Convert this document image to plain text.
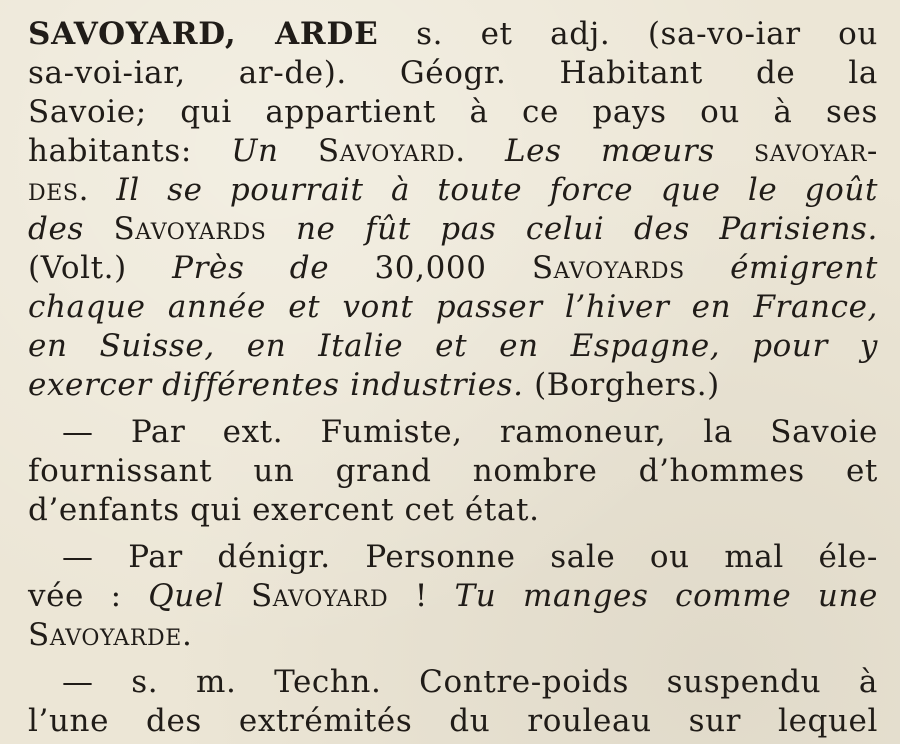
SAVOYARD, ARDE s. et adj. (sa-vo-iar ou
sa-voi-iar, ar-de). Géogr. Habitant de la
Savoie; qui appartient à ce pays ou à ses
habitants: Un Savoyard. Les mœurs savoyar-
des. Il se pourrait à toute force que le goût
des Savoyards ne fût pas celui des Parisiens.
(Volt.) Près de 30,000 Savoyards émigrent
chaque année et vont passer l’hiver en France,
en Suisse, en Italie et en Espagne, pour y
exercer différentes industries. (Borghers.)
— Par ext. Fumiste, ramoneur, la Savoie
fournissant un grand nombre d’hommes et
d’enfants qui exercent cet état.
— Par dénigr. Personne sale ou mal éle-
vée : Quel Savoyard ! Tu manges comme une
Savoyarde.
— s. m. Techn. Contre-poids suspendu à
l’une des extrémités du rouleau sur lequel
